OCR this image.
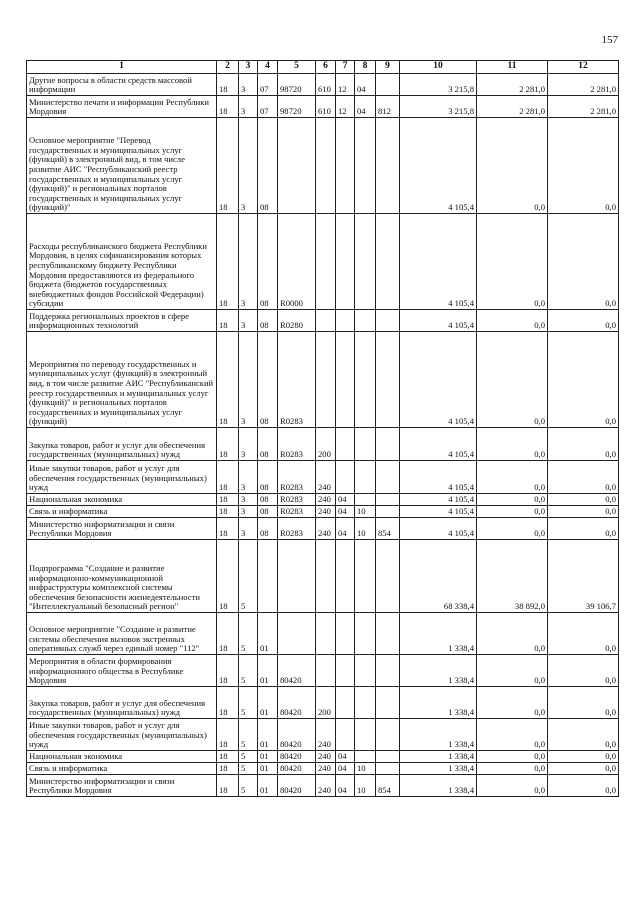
157
1	2	3	4	5	6	7	8	9	10	11	12
Другие вопросы в области средств массовой информации	18	3	07	98720	610	12	04		3 215,8	2 281,0	2 281,0
Министерство печати и информации Республики Мордовия	18	3	07	98720	610	12	04	812	3 215,8	2 281,0	2 281,0
Основное мероприятие "Перевод государственных и муниципальных услуг (функций) в электронный вид, в том числе развитие АИС "Республиканский реестр государственных и муниципальных услуг (функций)" и региональных порталов государственных и муниципальных услуг (функций)"	18	3	08						4 105,4	0,0	0,0
Расходы республиканского бюджета Республики Мордовия, в целях софинансирования которых республиканскому бюджету Республики Мордовия предоставляются из федерального бюджета (бюджетов государственных внебюджетных фондов Российской Федерации) субсидии	18	3	08	R0000					4 105,4	0,0	0,0
Поддержка региональных проектов в сфере информационных технологий	18	3	08	R0280					4 105,4	0,0	0,0
Мероприятия по переводу государственных и муниципальных услуг (функций) в электронный вид, в том числе развитие АИС "Республиканский реестр государственных и муниципальных услуг (функций)" и региональных порталов государственных и муниципальных услуг (функций)	18	3	08	R0283					4 105,4	0,0	0,0
Закупка товаров, работ и услуг для обеспечения государственных (муниципальных) нужд	18	3	08	R0283	200				4 105,4	0,0	0,0
Иные закупки товаров, работ и услуг для обеспечения государственных (муниципальных) нужд	18	3	08	R0283	240				4 105,4	0,0	0,0
Национальная экономика	18	3	08	R0283	240	04			4 105,4	0,0	0,0
Связь и информатика	18	3	08	R0283	240	04	10		4 105,4	0,0	0,0
Министерство информатизации и связи Республики Мордовия	18	3	08	R0283	240	04	10	854	4 105,4	0,0	0,0
Подпрограмма "Создание и развитие информационно-коммуникационной инфраструктуры комплексной системы обеспечения безопасности жизнедеятельности "Интеллектуальный безопасный регион"	18	5							68 338,4	38 892,0	39 106,7
Основное мероприятие "Создание и развитие системы обеспечения вызовов экстренных оперативных служб через единый номер "112"	18	5	01						1 338,4	0,0	0,0
Мероприятия в области формирования информационного общества в Республике Мордовия	18	5	01	80420					1 338,4	0,0	0,0
Закупка товаров, работ и услуг для обеспечения государственных (муниципальных) нужд	18	5	01	80420	200				1 338,4	0,0	0,0
Иные закупки товаров, работ и услуг для обеспечения государственных (муниципальных) нужд	18	5	01	80420	240				1 338,4	0,0	0,0
Национальная экономика	18	5	01	80420	240	04			1 338,4	0,0	0,0
Связь и информатика	18	5	01	80420	240	04	10		1 338,4	0,0	0,0
Министерство информатизации и связи Республики Мордовия	18	5	01	80420	240	04	10	854	1 338,4	0,0	0,0
